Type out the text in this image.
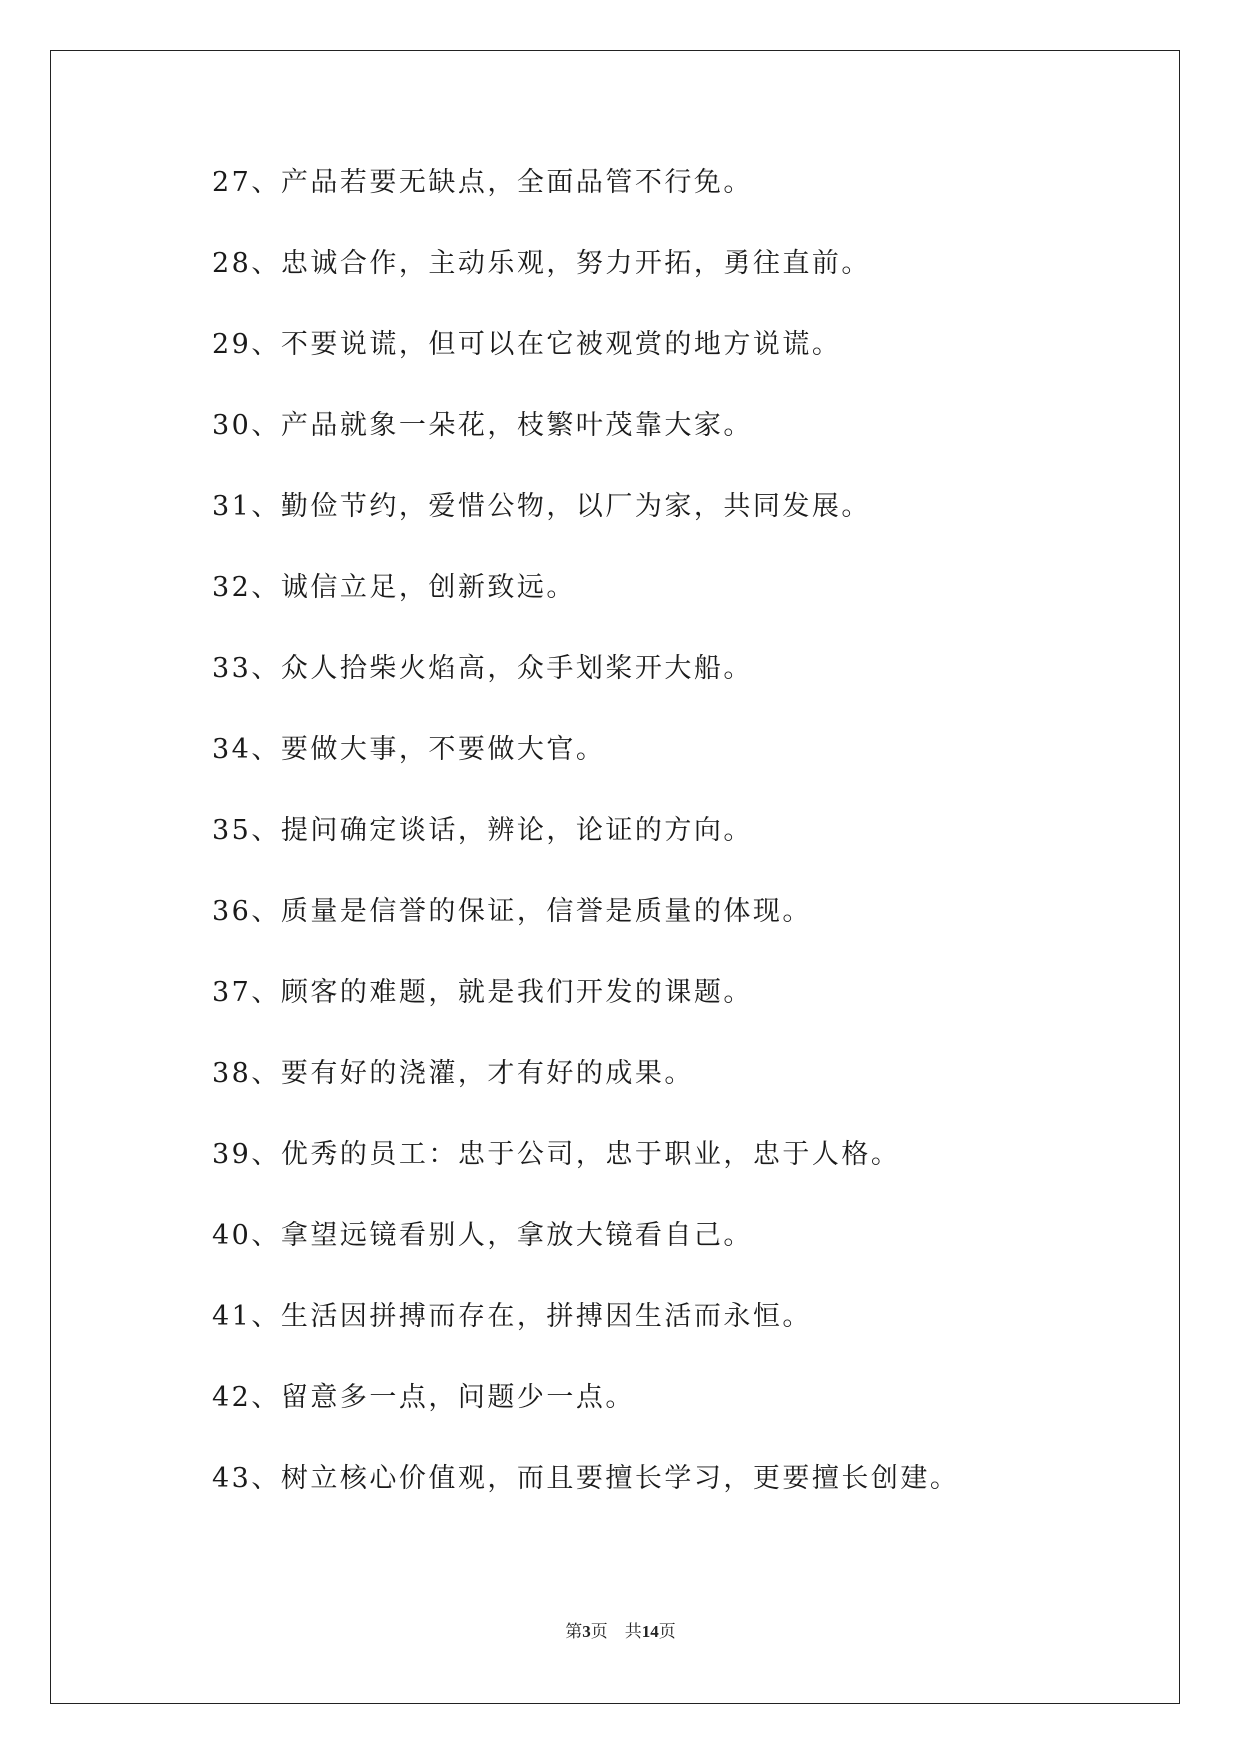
27、产品若要无缺点，全面品管不行免。
28、忠诚合作，主动乐观，努力开拓，勇往直前。
29、不要说谎，但可以在它被观赏的地方说谎。
30、产品就象一朵花，枝繁叶茂靠大家。
31、勤俭节约，爱惜公物，以厂为家，共同发展。
32、诚信立足，创新致远。
33、众人拾柴火焰高，众手划桨开大船。
34、要做大事，不要做大官。
35、提问确定谈话，辨论，论证的方向。
36、质量是信誉的保证，信誉是质量的体现。
37、顾客的难题，就是我们开发的课题。
38、要有好的浇灌，才有好的成果。
39、优秀的员工：忠于公司，忠于职业，忠于人格。
40、拿望远镜看别人，拿放大镜看自己。
41、生活因拼搏而存在，拼搏因生活而永恒。
42、留意多一点，问题少一点。
43、树立核心价值观，而且要擅长学习，更要擅长创建。
第3页    共14页
